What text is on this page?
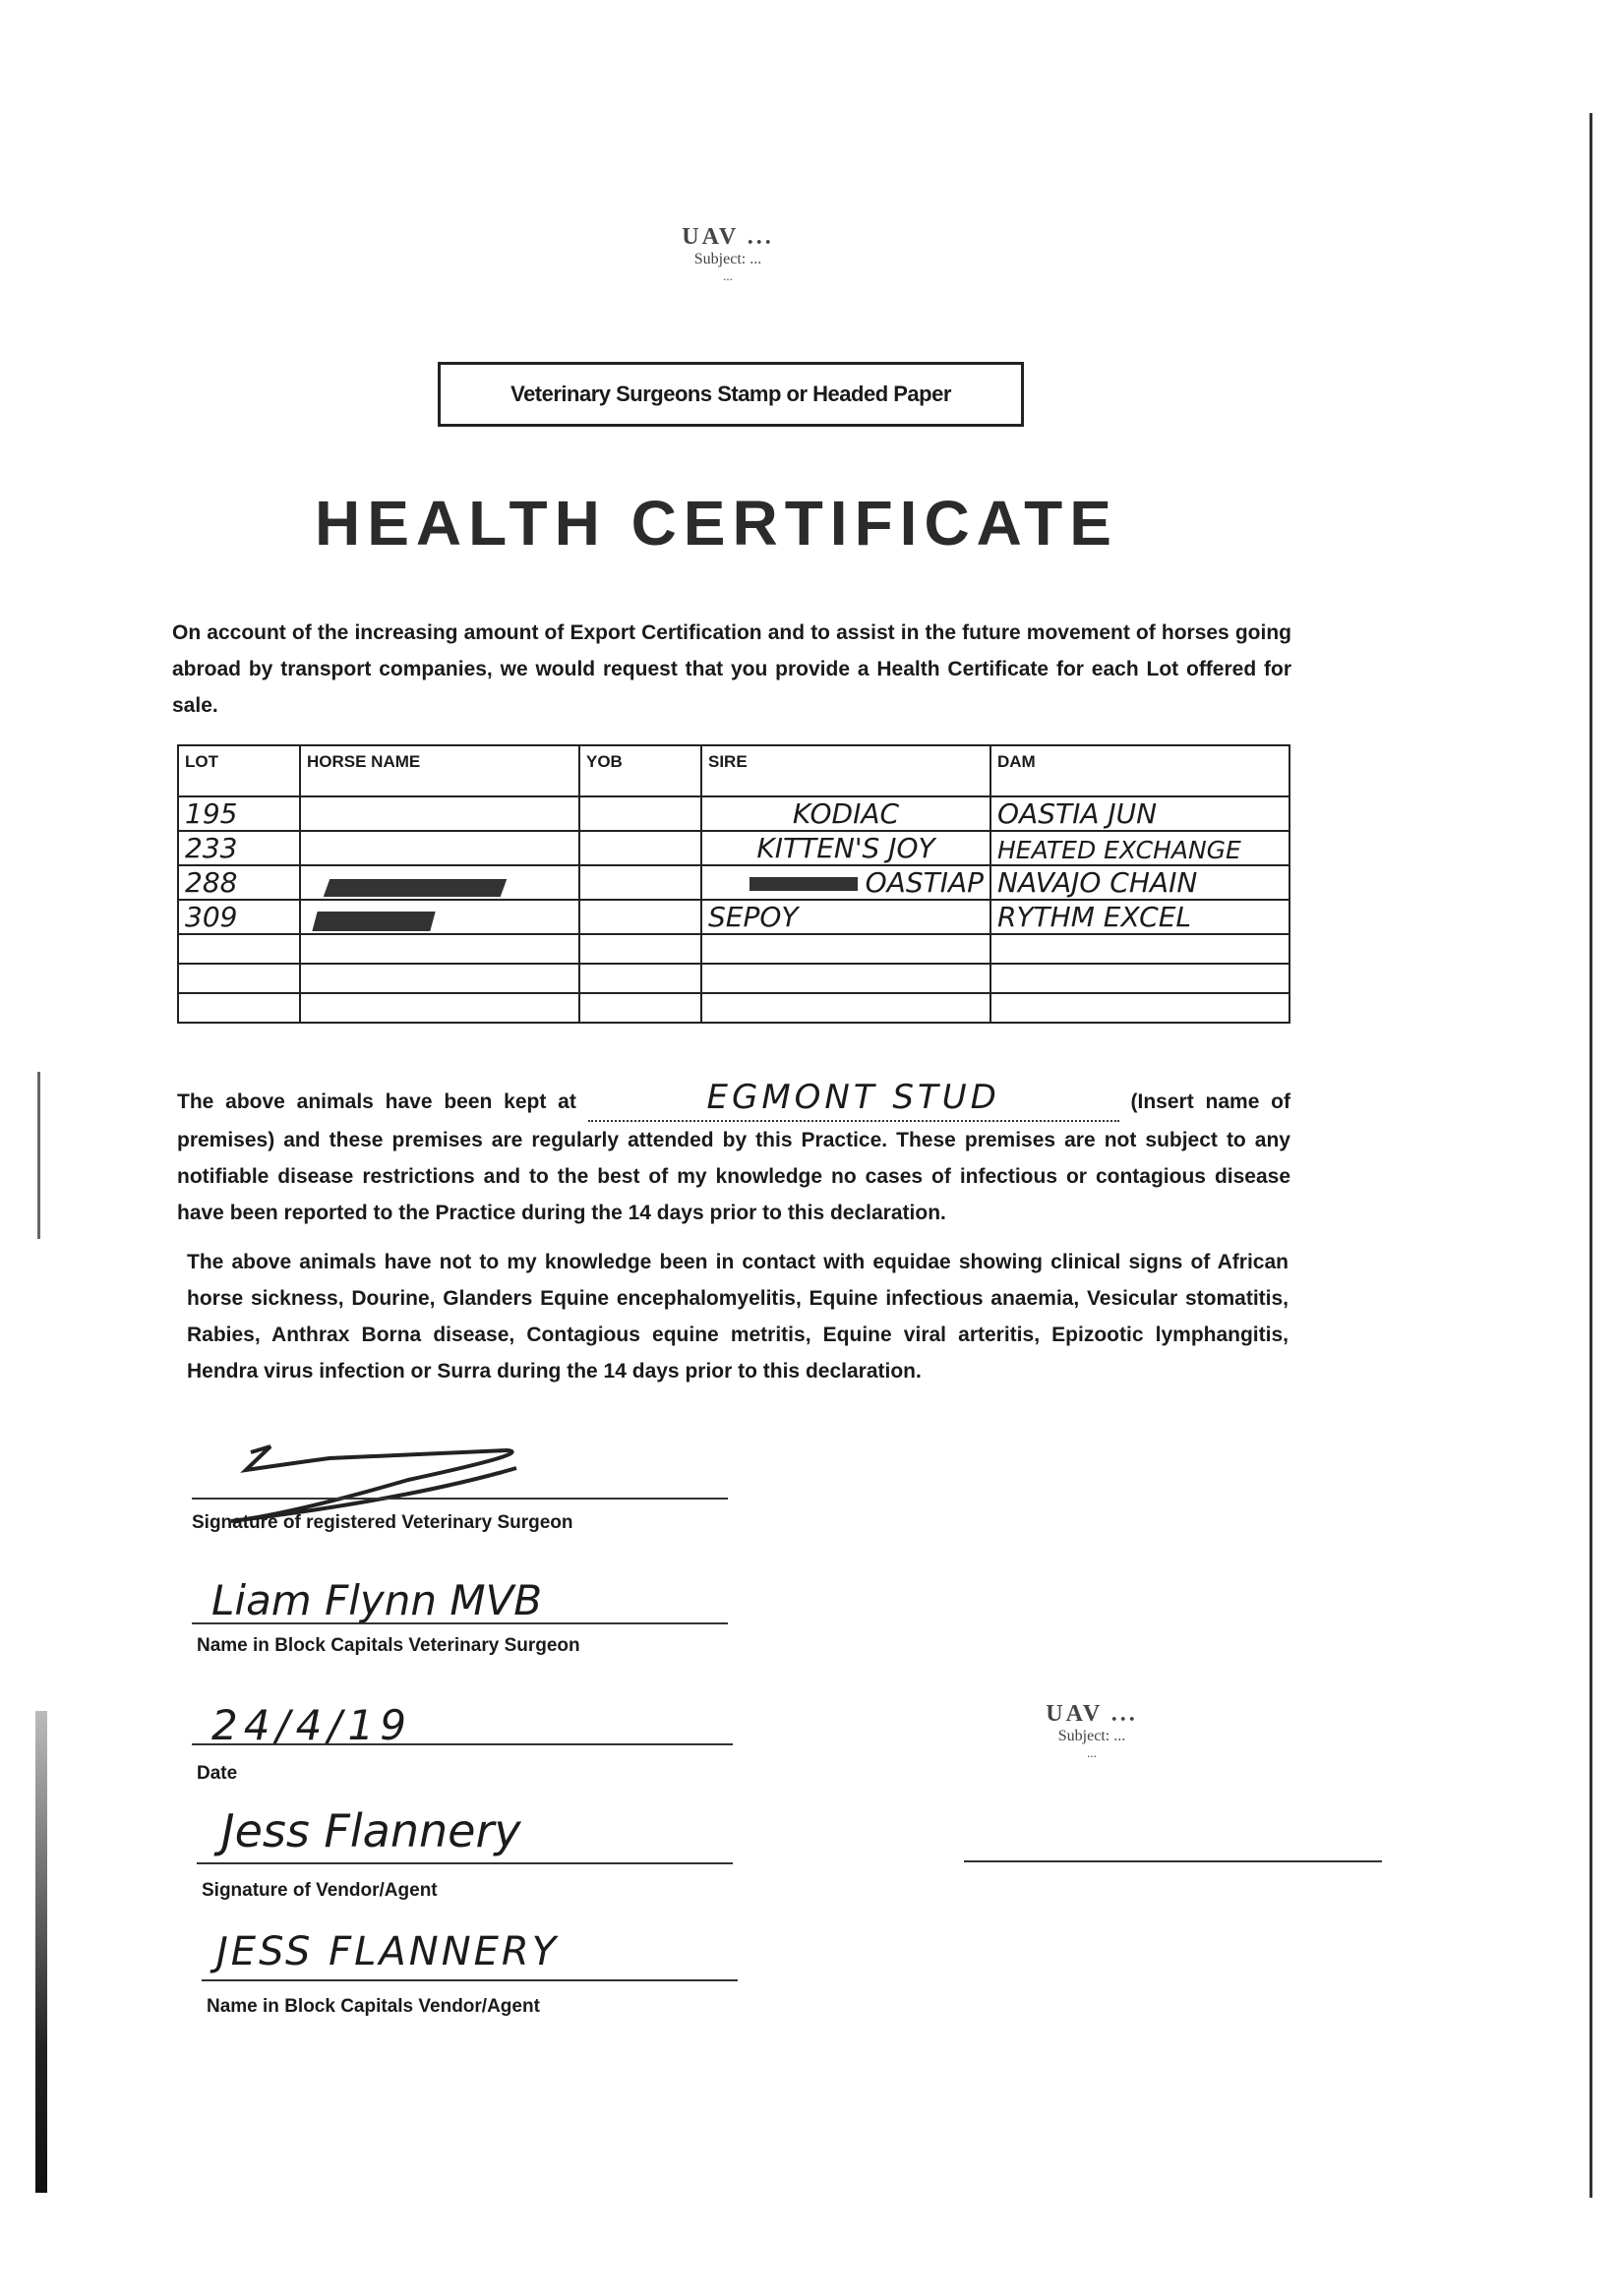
UAV ...
Subject: ...
...
Veterinary Surgeons Stamp or Headed Paper
HEALTH CERTIFICATE
On account of the increasing amount of Export Certification and to assist in the future movement of horses going abroad by transport companies, we would request that you provide a Health Certificate for each Lot offered for sale.
LOT	HORSE NAME	YOB	SIRE	DAM
195			KODIAC	OASTIA JUN
233			KITTEN'S JOY	HEATED EXCHANGE
288			OASTIAP	NAVAJO CHAIN
309			SEPOY	RYTHM EXCEL

The above animals have been kept at	EGMONT STUD	(Insert name of premises) and these premises are regularly attended by this Practice. These premises are not subject to any notifiable disease restrictions and to the best of my knowledge no cases of infectious or contagious disease have been reported to the Practice during the 14 days prior to this declaration.
The above animals have not to my knowledge been in contact with equidae showing clinical signs of African horse sickness, Dourine, Glanders Equine encephalomyelitis, Equine infectious anaemia, Vesicular stomatitis, Rabies, Anthrax Borna disease, Contagious equine metritis, Equine viral arteritis, Epizootic lymphangitis, Hendra virus infection or Surra during the 14 days prior to this declaration.
Signature of registered Veterinary Surgeon
Liam Flynn MVB
Name in Block Capitals Veterinary Surgeon
24/4/19
Date
Jess Flannery
Signature of Vendor/Agent
JESS FLANNERY
Name in Block Capitals Vendor/Agent
UAV ...
Subject: ...
...
